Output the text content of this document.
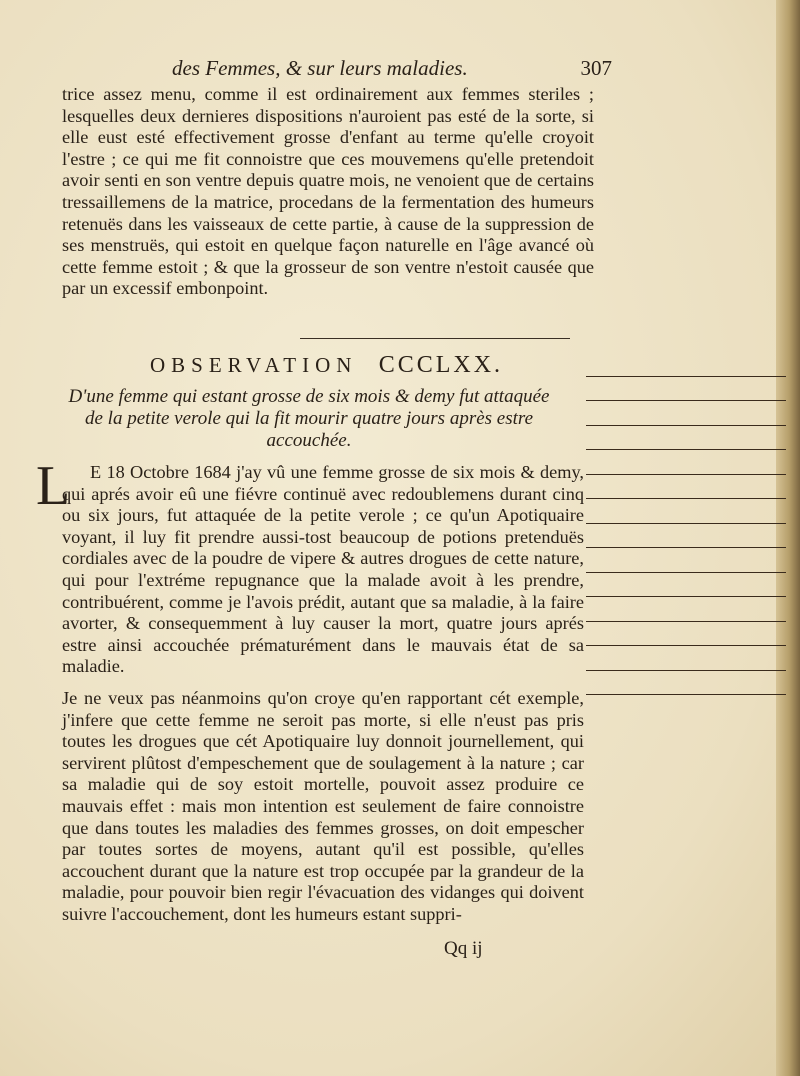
des Femmes, & sur leurs maladies.	307
trice assez menu, comme il est ordinairement aux femmes steriles ; lesquelles deux dernieres dispositions n'auroient pas esté de la sorte, si elle eust esté effectivement grosse d'enfant au terme qu'elle croyoit l'estre ; ce qui me fit connoistre que ces mouvemens qu'elle pretendoit avoir senti en son ventre depuis quatre mois, ne venoient que de certains tressaillemens de la matrice, procedans de la fermentation des humeurs retenuës dans les vaisseaux de cette partie, à cause de la suppression de ses menstruës, qui estoit en quelque façon naturelle en l'âge avancé où cette femme estoit ; & que la grosseur de son ventre n'estoit causée que par un excessif embonpoint.
OBSERVATION CCCLXX.
D'une femme qui estant grosse de six mois & demy fut attaquée de la petite verole qui la fit mourir quatre jours après estre accouchée.
L	E 18 Octobre 1684 j'ay vû une femme grosse de six mois & demy, qui aprés avoir eû une fiévre continuë avec redoublemens durant cinq ou six jours, fut attaquée de la petite verole ; ce qu'un Apotiquaire voyant, il luy fit prendre aussi-tost beaucoup de potions pretenduës cordiales avec de la poudre de vipere & autres drogues de cette nature, qui pour l'extréme repugnance que la malade avoit à les prendre, contribuérent, comme je l'avois prédit, autant que sa maladie, à la faire avorter, & consequemment à luy causer la mort, quatre jours aprés estre ainsi accouchée prématurément dans le mauvais état de sa maladie.
Je ne veux pas néanmoins qu'on croye qu'en rapportant cét exemple, j'infere que cette femme ne seroit pas morte, si elle n'eust pas pris toutes les drogues que cét Apotiquaire luy donnoit journellement, qui servirent plûtost d'empeschement que de soulagement à la nature ; car sa maladie qui de soy estoit mortelle, pouvoit assez produire ce mauvais effet : mais mon intention est seulement de faire connoistre que dans toutes les maladies des femmes grosses, on doit empescher par toutes sortes de moyens, autant qu'il est possible, qu'elles accouchent durant que la nature est trop occupée par la grandeur de la maladie, pour pouvoir bien regir l'évacuation des vidanges qui doivent suivre l'accouchement, dont les humeurs estant suppri-

Qq ij
